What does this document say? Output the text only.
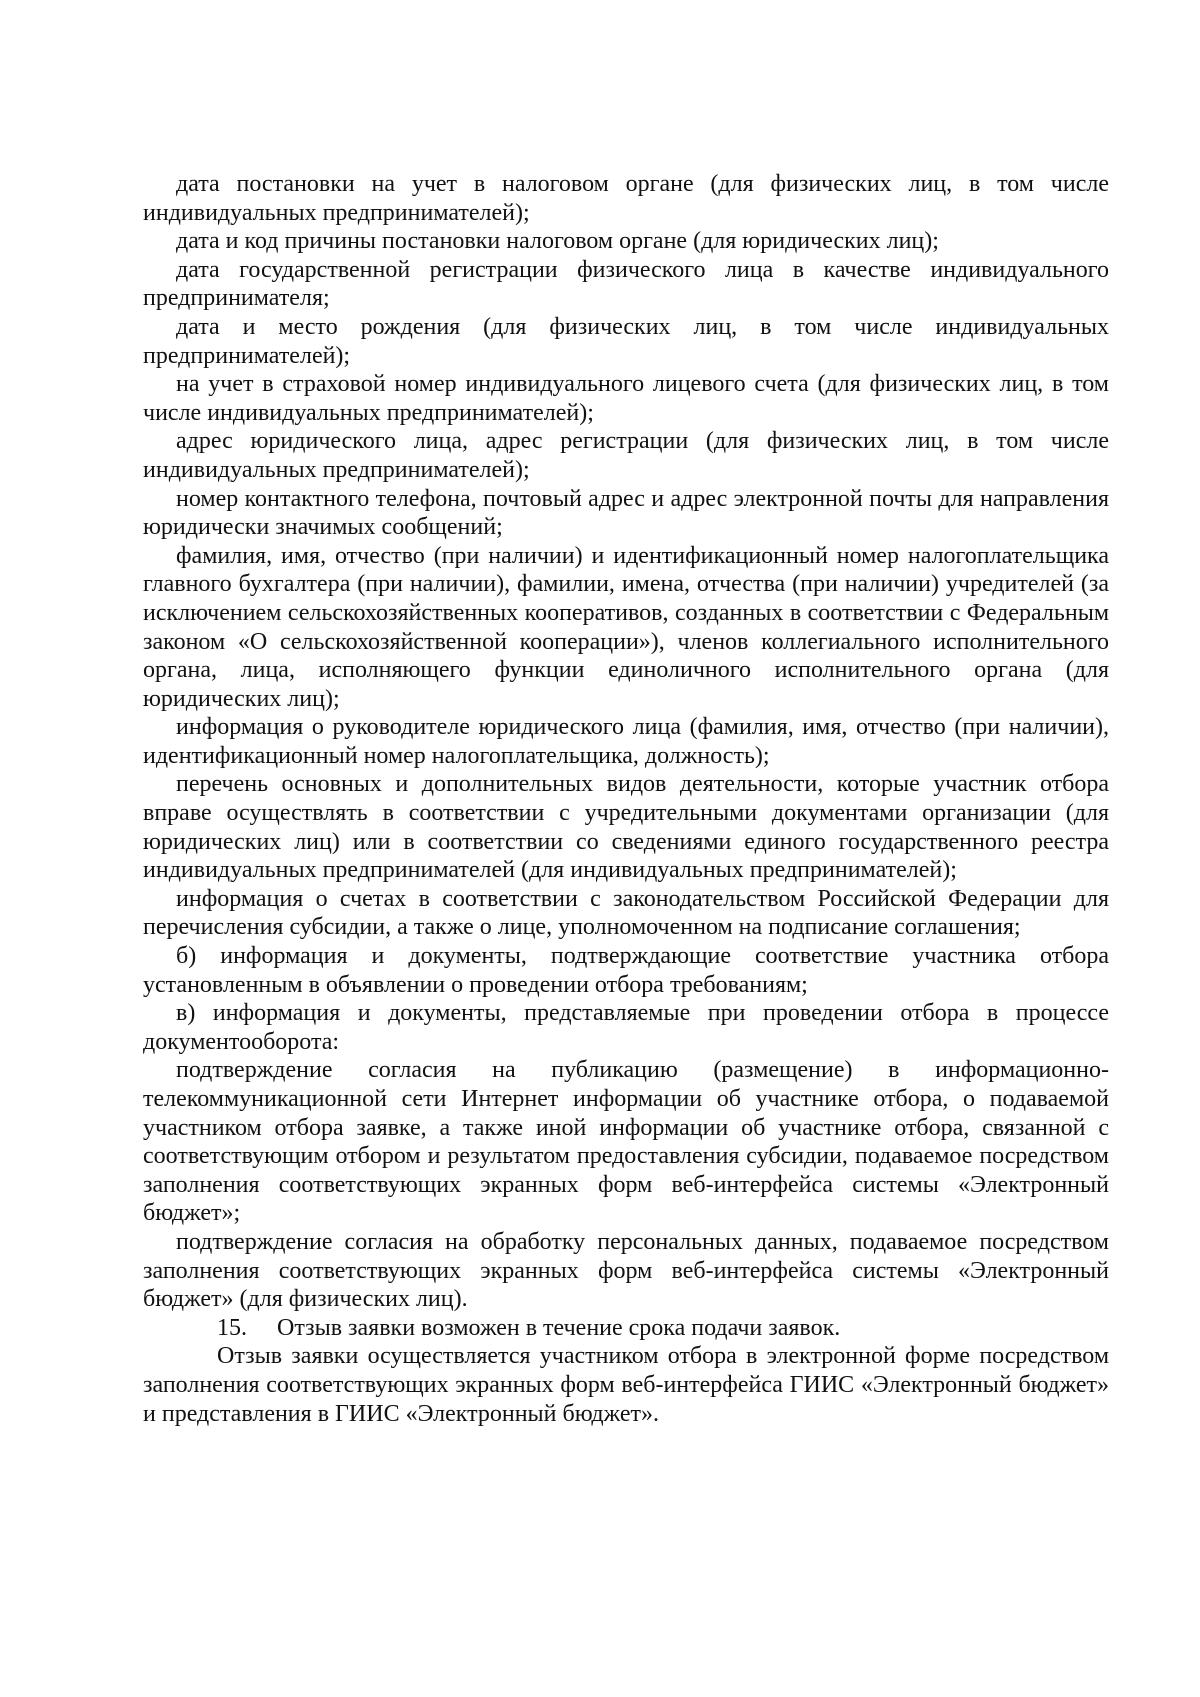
дата постановки на учет в налоговом органе (для физических лиц, в том числе индивидуальных предпринимателей);

дата и код причины постановки налоговом органе (для юридических лиц);

дата государственной регистрации физического лица в качестве индивидуального предпринимателя;

дата и место рождения (для физических лиц, в том числе индивидуальных предпринимателей);

на учет в страховой номер индивидуального лицевого счета (для физических лиц, в том числе индивидуальных предпринимателей);

адрес юридического лица, адрес регистрации (для физических лиц, в том числе индивидуальных предпринимателей);

номер контактного телефона, почтовый адрес и адрес электронной почты для направления юридически значимых сообщений;

фамилия, имя, отчество (при наличии) и идентификационный номер налогоплательщика главного бухгалтера (при наличии), фамилии, имена, отчества (при наличии) учредителей (за исключением сельскохозяйственных кооперативов, созданных в соответствии с Федеральным законом «О сельскохозяйственной кооперации»), членов коллегиального исполнительного органа, лица, исполняющего функции единоличного исполнительного органа (для юридических лиц);

информация о руководителе юридического лица (фамилия, имя, отчество (при наличии), идентификационный номер налогоплательщика, должность);

перечень основных и дополнительных видов деятельности, которые участник отбора вправе осуществлять в соответствии с учредительными документами организации (для юридических лиц) или в соответствии со сведениями единого государственного реестра индивидуальных предпринимателей (для индивидуальных предпринимателей);

информация о счетах в соответствии с законодательством Российской Федерации для перечисления субсидии, а также о лице, уполномоченном на подписание соглашения;

б) информация и документы, подтверждающие соответствие участника отбора установленным в объявлении о проведении отбора требованиям;

в) информация и документы, представляемые при проведении отбора в процессе документооборота:

подтверждение согласия на публикацию (размещение) в информационно-телекоммуникационной сети Интернет информации об участнике отбора, о подаваемой участником отбора заявке, а также иной информации об участнике отбора, связанной с соответствующим отбором и результатом предоставления субсидии, подаваемое посредством заполнения соответствующих экранных форм веб-интерфейса системы «Электронный бюджет»;

подтверждение согласия на обработку персональных данных, подаваемое посредством заполнения соответствующих экранных форм веб-интерфейса системы «Электронный бюджет» (для физических лиц).

15. Отзыв заявки возможен в течение срока подачи заявок.

Отзыв заявки осуществляется участником отбора в электронной форме посредством заполнения соответствующих экранных форм веб-интерфейса ГИИС «Электронный бюджет» и представления в ГИИС «Электронный бюджет».
